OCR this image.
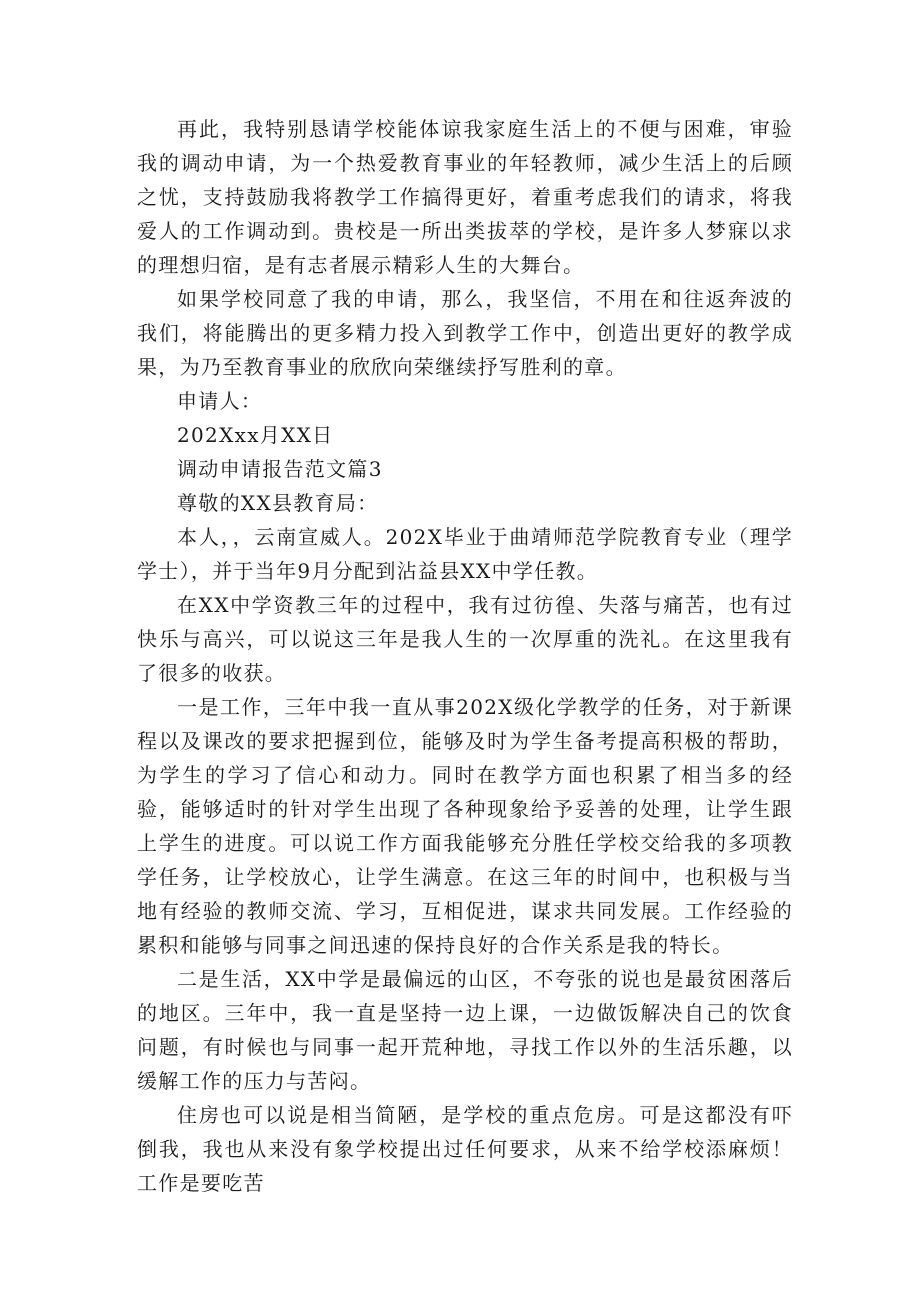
再此，我特别恳请学校能体谅我家庭生活上的不便与困难，审验我的调动申请，为一个热爱教育事业的年轻教师，减少生活上的后顾之忧，支持鼓励我将教学工作搞得更好，着重考虑我们的请求，将我爱人的工作调动到。贵校是一所出类拔萃的学校，是许多人梦寐以求的理想归宿，是有志者展示精彩人生的大舞台。

如果学校同意了我的申请，那么，我坚信，不用在和往返奔波的我们，将能腾出的更多精力投入到教学工作中，创造出更好的教学成果，为乃至教育事业的欣欣向荣继续抒写胜利的章。

申请人：

202Xxx月XX日

调动申请报告范文篇3

尊敬的XX县教育局：

本人，，云南宣威人。202X毕业于曲靖师范学院教育专业（理学学士），并于当年9月分配到沾益县XX中学任教。

在XX中学资教三年的过程中，我有过彷徨、失落与痛苦，也有过快乐与高兴，可以说这三年是我人生的一次厚重的洗礼。在这里我有了很多的收获。

一是工作，三年中我一直从事202X级化学教学的任务，对于新课程以及课改的要求把握到位，能够及时为学生备考提高积极的帮助，为学生的学习了信心和动力。同时在教学方面也积累了相当多的经验，能够适时的针对学生出现了各种现象给予妥善的处理，让学生跟上学生的进度。可以说工作方面我能够充分胜任学校交给我的多项教学任务，让学校放心，让学生满意。在这三年的时间中，也积极与当地有经验的教师交流、学习，互相促进，谋求共同发展。工作经验的累积和能够与同事之间迅速的保持良好的合作关系是我的特长。

二是生活，XX中学是最偏远的山区，不夸张的说也是最贫困落后的地区。三年中，我一直是坚持一边上课，一边做饭解决自己的饮食问题，有时候也与同事一起开荒种地，寻找工作以外的生活乐趣，以缓解工作的压力与苦闷。

住房也可以说是相当简陋，是学校的重点危房。可是这都没有吓倒我，我也从来没有象学校提出过任何要求，从来不给学校添麻烦！工作是要吃苦
